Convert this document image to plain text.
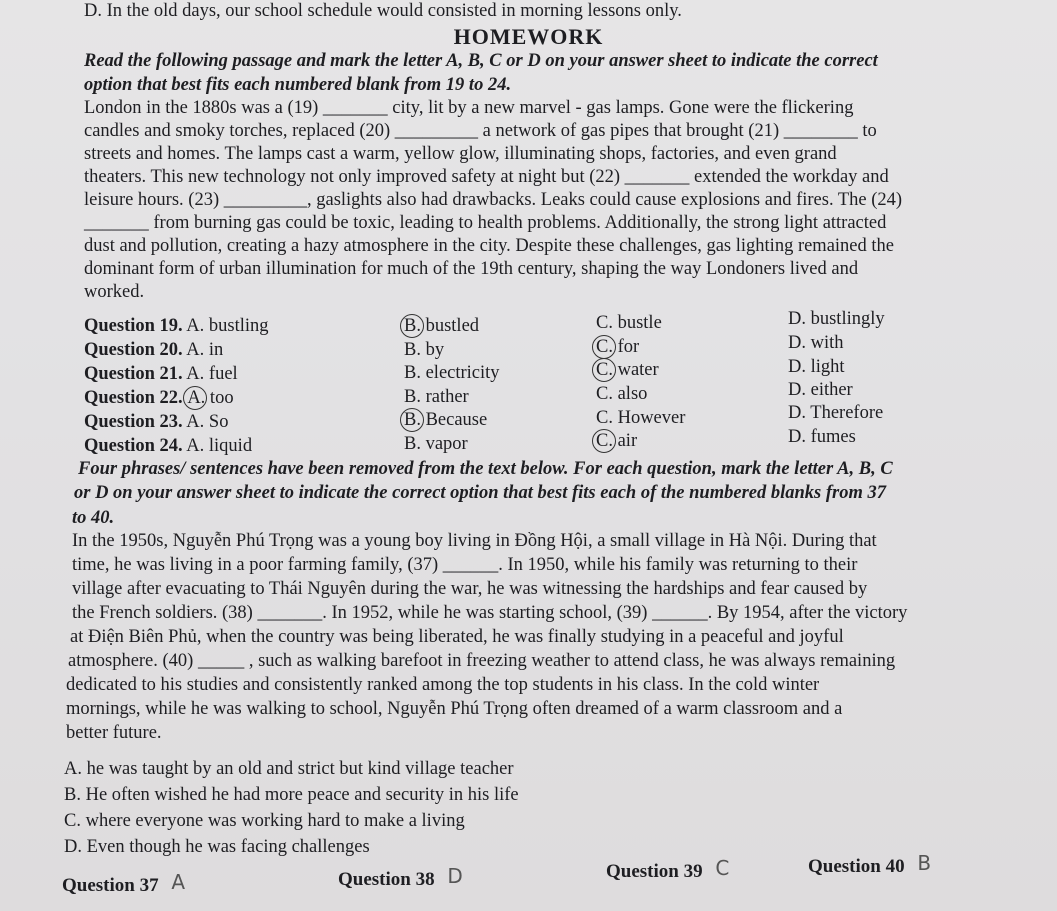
D. In the old days, our school schedule would consisted in morning lessons only.
HOMEWORK
Read the following passage and mark the letter A, B, C or D on your answer sheet to indicate the correct
option that best fits each numbered blank from 19 to 24.
London in the 1880s was a (19) _______ city, lit by a new marvel - gas lamps. Gone were the flickering
candles and smoky torches, replaced (20) _________ a network of gas pipes that brought (21) ________ to
streets and homes. The lamps cast a warm, yellow glow, illuminating shops, factories, and even grand
theaters. This new technology not only improved safety at night but (22) _______ extended the workday and
leisure hours. (23) _________, gaslights also had drawbacks. Leaks could cause explosions and fires. The (24)
_______ from burning gas could be toxic, leading to health problems. Additionally, the strong light attracted
dust and pollution, creating a hazy atmosphere in the city. Despite these challenges, gas lighting remained the
dominant form of urban illumination for much of the 19th century, shaping the way Londoners lived and
worked.
Question 19. A. bustling	B. bustled	C. bustle	D. bustlingly
Question 20. A. in	B. by	C. for	D. with
Question 21. A. fuel	B. electricity	C. water	D. light
Question 22. A. too	B. rather	C. also	D. either
Question 23. A. So	B. Because	C. However	D. Therefore
Question 24. A. liquid	B. vapor	C. air	D. fumes
Four phrases/ sentences have been removed from the text below. For each question, mark the letter A, B, C
or D on your answer sheet to indicate the correct option that best fits each of the numbered blanks from 37
to 40.
In the 1950s, Nguyễn Phú Trọng was a young boy living in Đồng Hội, a small village in Hà Nội. During that
time, he was living in a poor farming family, (37) ______. In 1950, while his family was returning to their
village after evacuating to Thái Nguyên during the war, he was witnessing the hardships and fear caused by
the French soldiers. (38) _______. In 1952, while he was starting school, (39) ______. By 1954, after the victory
at Điện Biên Phủ, when the country was being liberated, he was finally studying in a peaceful and joyful
atmosphere. (40) _____ , such as walking barefoot in freezing weather to attend class, he was always remaining
dedicated to his studies and consistently ranked among the top students in his class. In the cold winter
mornings, while he was walking to school, Nguyễn Phú Trọng often dreamed of a warm classroom and a
better future.
A. he was taught by an old and strict but kind village teacher
B. He often wished he had more peace and security in his life
C. where everyone was working hard to make a living
D. Even though he was facing challenges
Question 37 A	Question 38 D	Question 39 C	Question 40 B
